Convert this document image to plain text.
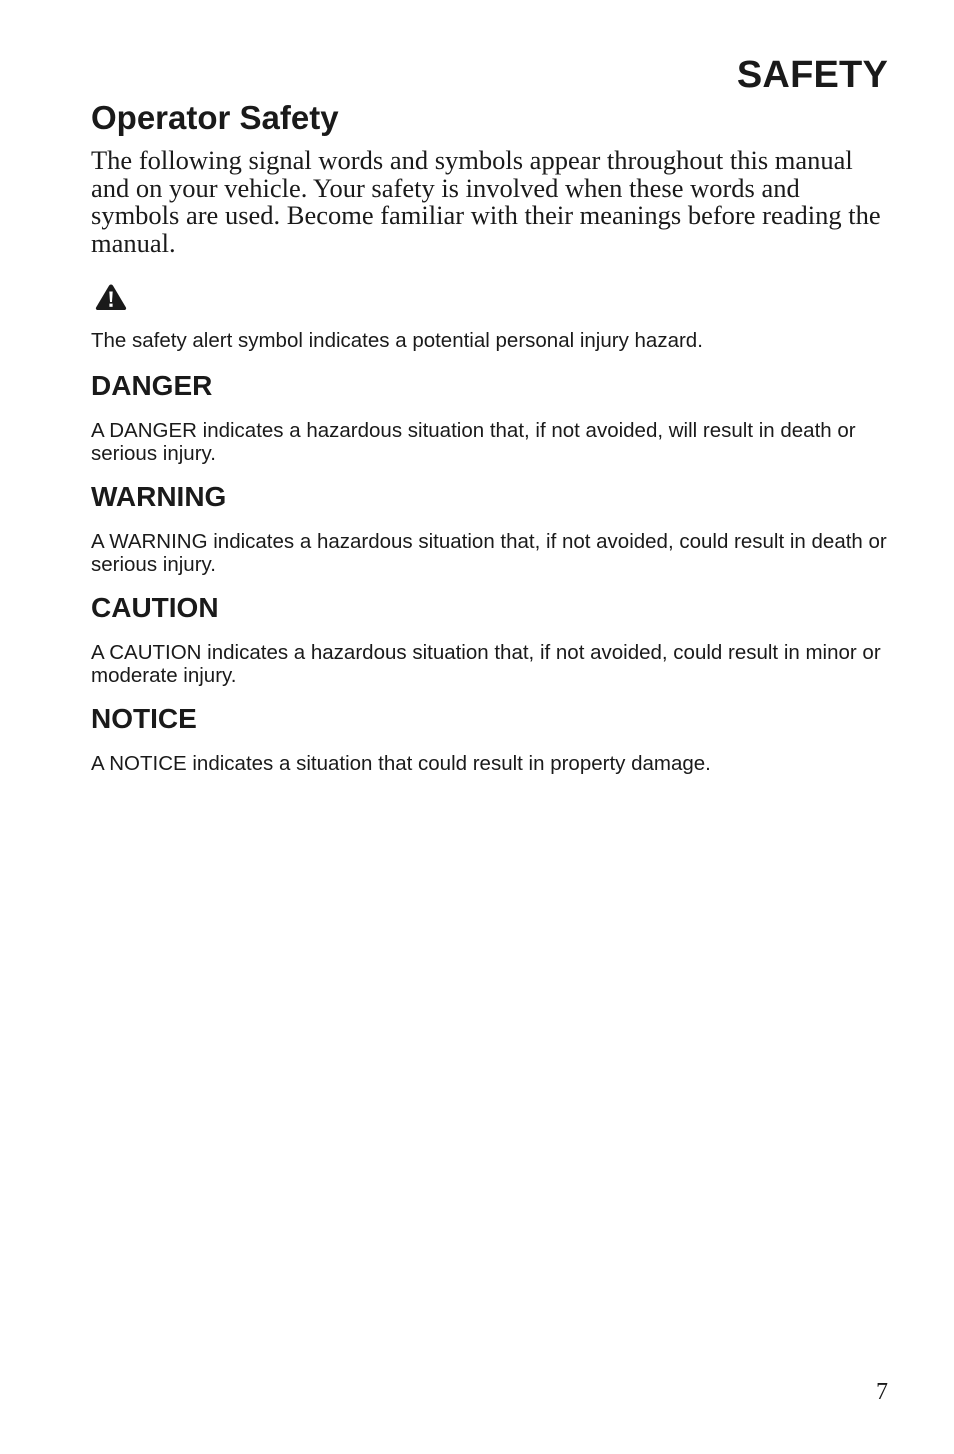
SAFETY
Operator Safety

The following signal words and symbols appear throughout this manual and on your vehicle. Your safety is involved when these words and symbols are used. Become familiar with their meanings before reading the manual.

The safety alert symbol indicates a potential personal injury hazard.

DANGER

A DANGER indicates a hazardous situation that, if not avoided, will result in death or serious injury.

WARNING

A WARNING indicates a hazardous situation that, if not avoided, could result in death or serious injury.

CAUTION

A CAUTION indicates a hazardous situation that, if not avoided, could result in minor or moderate injury.

NOTICE

A NOTICE indicates a situation that could result in property damage.

7
